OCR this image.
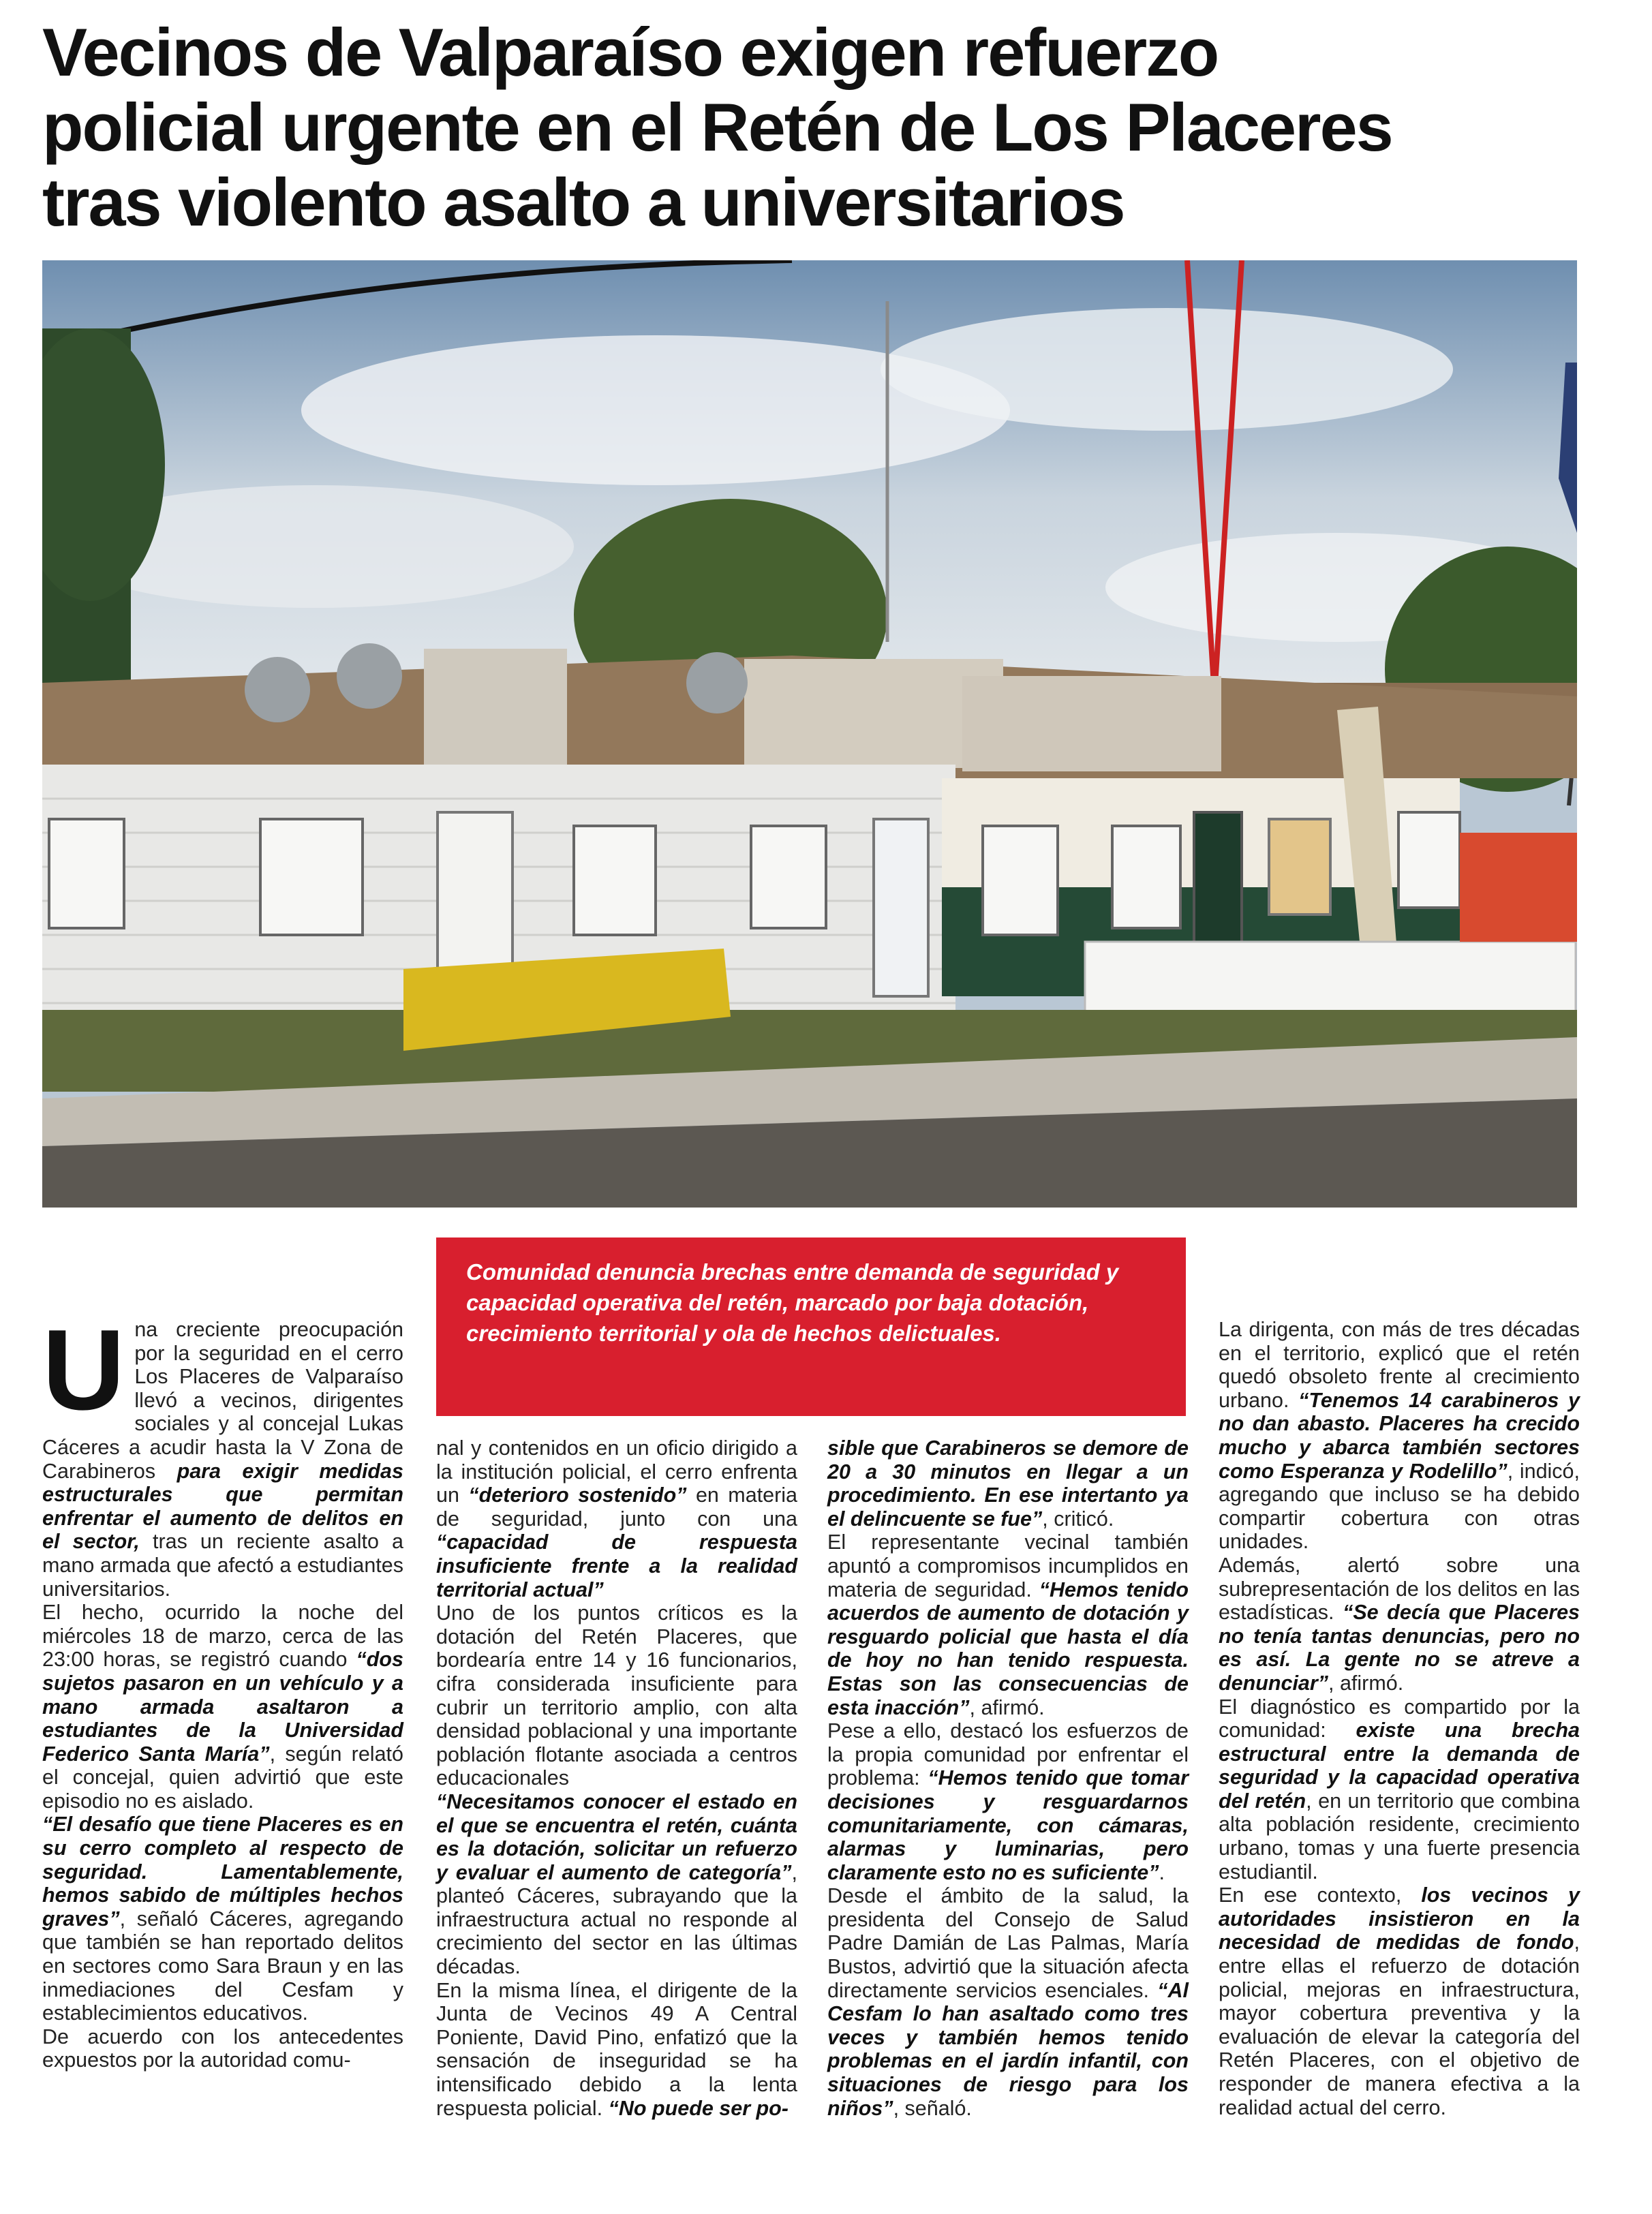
Vecinos de Valparaíso exigen refuerzo
policial urgente en el Retén de Los Placeres
tras violento asalto a universitarios
Comunidad denuncia brechas entre demanda de seguridad y capacidad operativa del retén, marcado por baja dotación, crecimiento territorial y ola de hechos delictuales.

Una creciente preocupación por la seguridad en el cerro Los Placeres de Valparaíso llevó a vecinos, dirigentes sociales y al concejal Lukas Cáceres a acudir hasta la V Zona de Carabineros para exigir medidas estructurales que permitan enfrentar el aumento de delitos en el sector, tras un reciente asalto a mano armada que afectó a estudiantes universitarios.

El hecho, ocurrido la noche del miércoles 18 de marzo, cerca de las 23:00 horas, se registró cuando “dos sujetos pasaron en un vehículo y a mano armada asaltaron a estudiantes de la Universidad Federico Santa María”, según relató el concejal, quien advirtió que este episodio no es aislado.

“El desafío que tiene Placeres es en su cerro completo al respecto de seguridad. Lamentablemente, hemos sabido de múltiples hechos graves”, señaló Cáceres, agregando que también se han reportado delitos en sectores como Sara Braun y en las inmediaciones del Cesfam y establecimientos educativos.

De acuerdo con los antecedentes expuestos por la autoridad comu-

nal y contenidos en un oficio dirigido a la institución policial, el cerro enfrenta un “deterioro sostenido” en materia de seguridad, junto con una “capacidad de respuesta insuficiente frente a la realidad territorial actual”

Uno de los puntos críticos es la dotación del Retén Placeres, que bordearía entre 14 y 16 funcionarios, cifra considerada insuficiente para cubrir un territorio amplio, con alta densidad poblacional y una importante población flotante asociada a centros educacionales

“Necesitamos conocer el estado en el que se encuentra el retén, cuánta es la dotación, solicitar un refuerzo y evaluar el aumento de categoría”, planteó Cáceres, subrayando que la infraestructura actual no responde al crecimiento del sector en las últimas décadas.

En la misma línea, el dirigente de la Junta de Vecinos 49 A Central Poniente, David Pino, enfatizó que la sensación de inseguridad se ha intensificado debido a la lenta respuesta policial. “No puede ser po-

sible que Carabineros se demore de 20 a 30 minutos en llegar a un procedimiento. En ese intertanto ya el delincuente se fue”, criticó.

El representante vecinal también apuntó a compromisos incumplidos en materia de seguridad. “Hemos tenido acuerdos de aumento de dotación y resguardo policial que hasta el día de hoy no han tenido respuesta. Estas son las consecuencias de esta inacción”, afirmó.

Pese a ello, destacó los esfuerzos de la propia comunidad por enfrentar el problema: “Hemos tenido que tomar decisiones y resguardarnos comunitariamente, con cámaras, alarmas y luminarias, pero claramente esto no es suficiente”.

Desde el ámbito de la salud, la presidenta del Consejo de Salud Padre Damián de Las Palmas, María Bustos, advirtió que la situación afecta directamente servicios esenciales. “Al Cesfam lo han asaltado como tres veces y también hemos tenido problemas en el jardín infantil, con situaciones de riesgo para los niños”, señaló.

La dirigenta, con más de tres décadas en el territorio, explicó que el retén quedó obsoleto frente al crecimiento urbano. “Tenemos 14 carabineros y no dan abasto. Placeres ha crecido mucho y abarca también sectores como Esperanza y Rodelillo”, indicó, agregando que incluso se ha debido compartir cobertura con otras unidades.

Además, alertó sobre una subrepresentación de los delitos en las estadísticas. “Se decía que Placeres no tenía tantas denuncias, pero no es así. La gente no se atreve a denunciar”, afirmó.

El diagnóstico es compartido por la comunidad: existe una brecha estructural entre la demanda de seguridad y la capacidad operativa del retén, en un territorio que combina alta población residente, crecimiento urbano, tomas y una fuerte presencia estudiantil.

En ese contexto, los vecinos y autoridades insistieron en la necesidad de medidas de fondo, entre ellas el refuerzo de dotación policial, mejoras en infraestructura, mayor cobertura preventiva y la evaluación de elevar la categoría del Retén Placeres, con el objetivo de responder de manera efectiva a la realidad actual del cerro.
